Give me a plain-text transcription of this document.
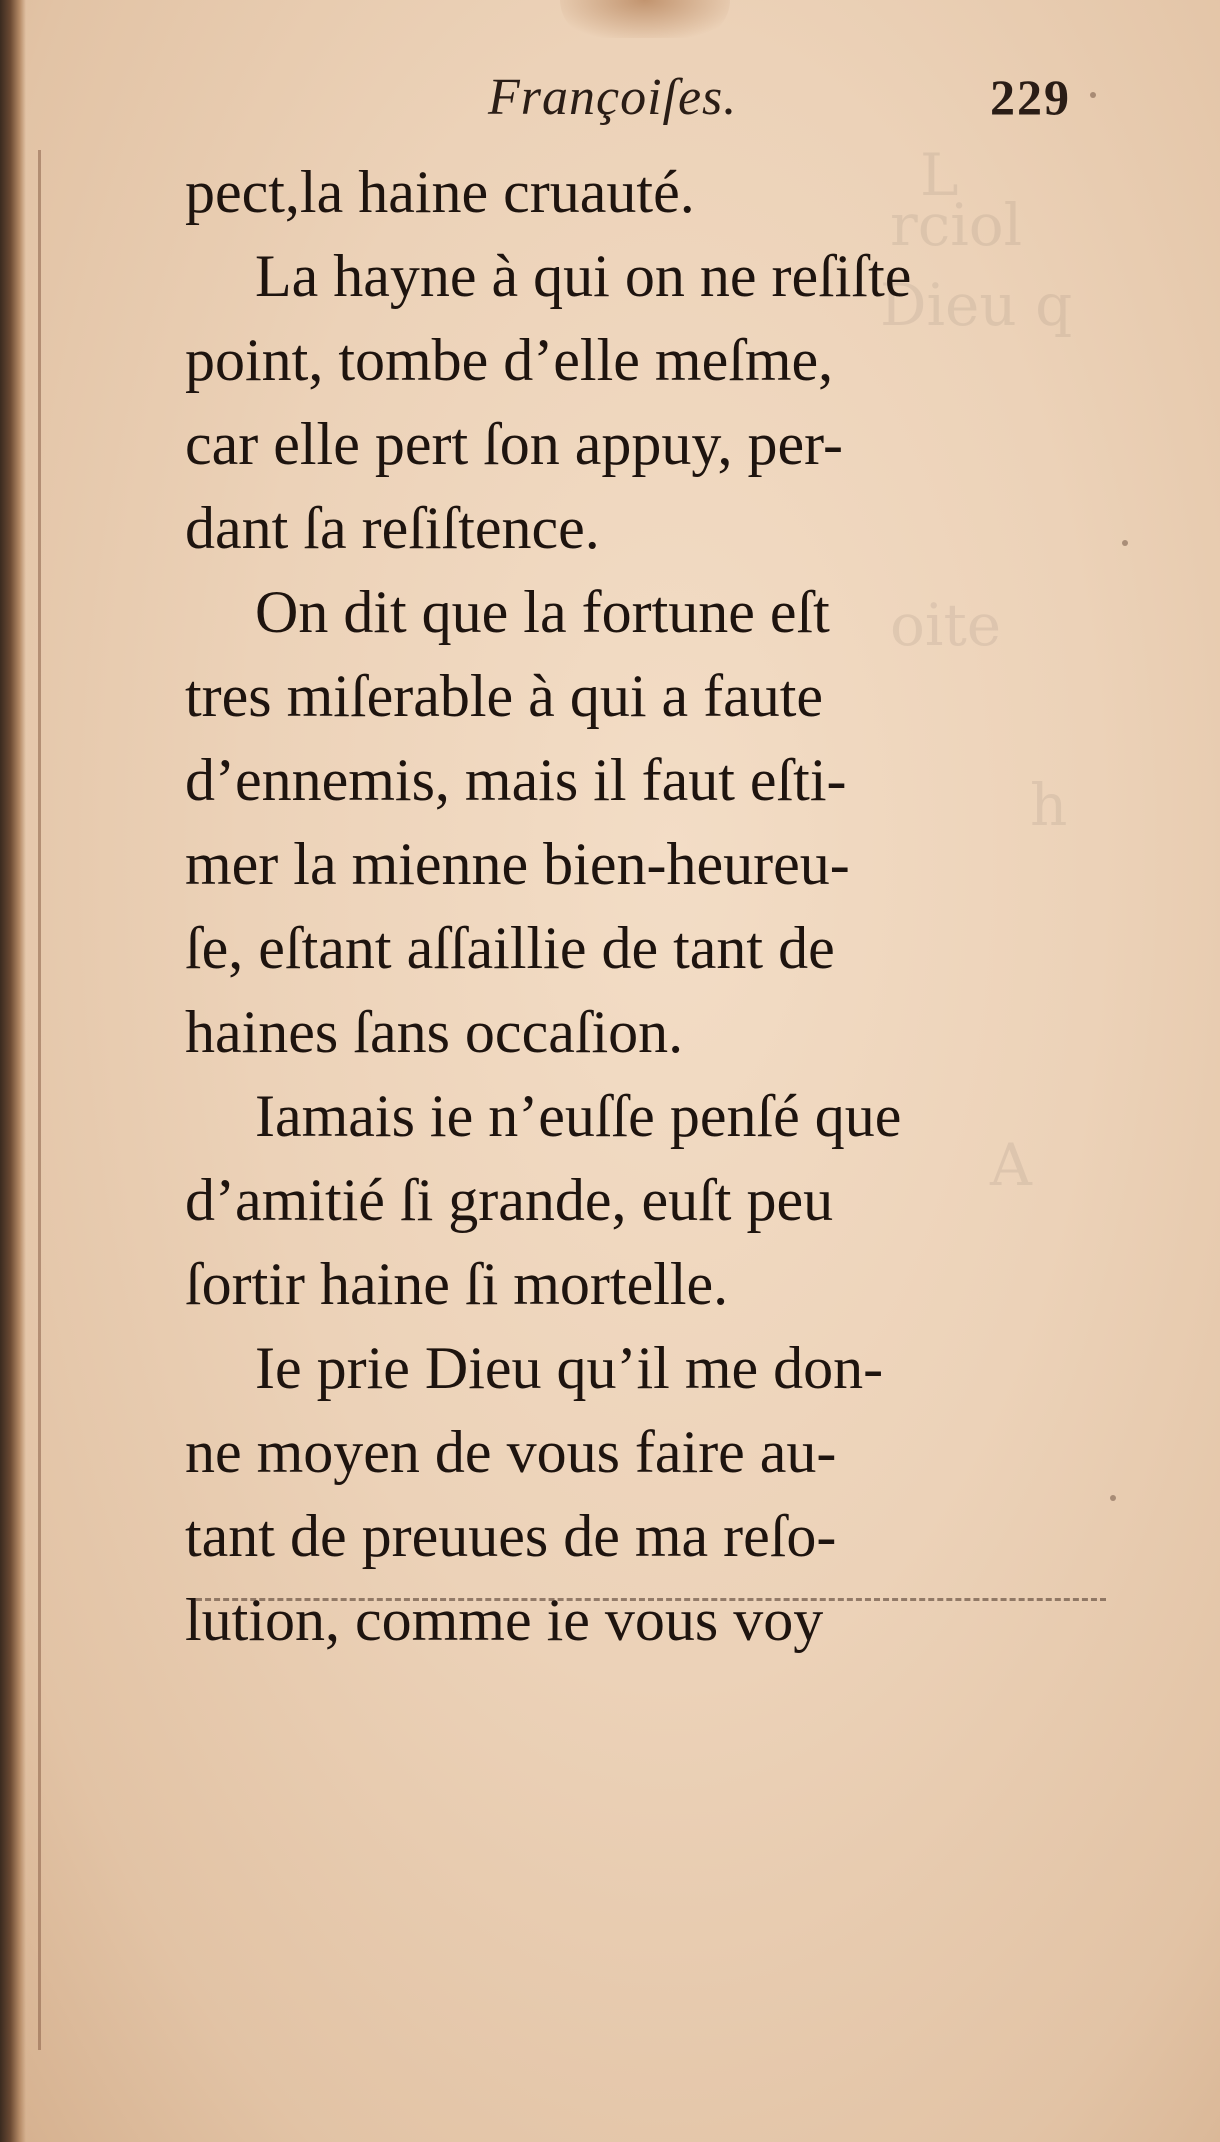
L
rciol
Dieu q
oite
A
h
Françoiſes.	229
pect,la haine cruauté.
La hayne à qui on ne reſiſte
point, tombe d’elle meſme,
car elle pert ſon appuy, per-
dant ſa reſiſtence.
On dit que la fortune eſt
tres miſerable à qui a faute
d’ennemis, mais il faut eſti-
mer la mienne bien-heureu-
ſe, eſtant aſſaillie de tant de
haines ſans occaſion.
Iamais ie n’euſſe penſé que
d’amitié ſi grande, euſt peu
ſortir haine ſi mortelle.
Ie prie Dieu qu’il me don-
ne moyen de vous faire au-
tant de preuues de ma reſo-
lution, comme ie vous voy
